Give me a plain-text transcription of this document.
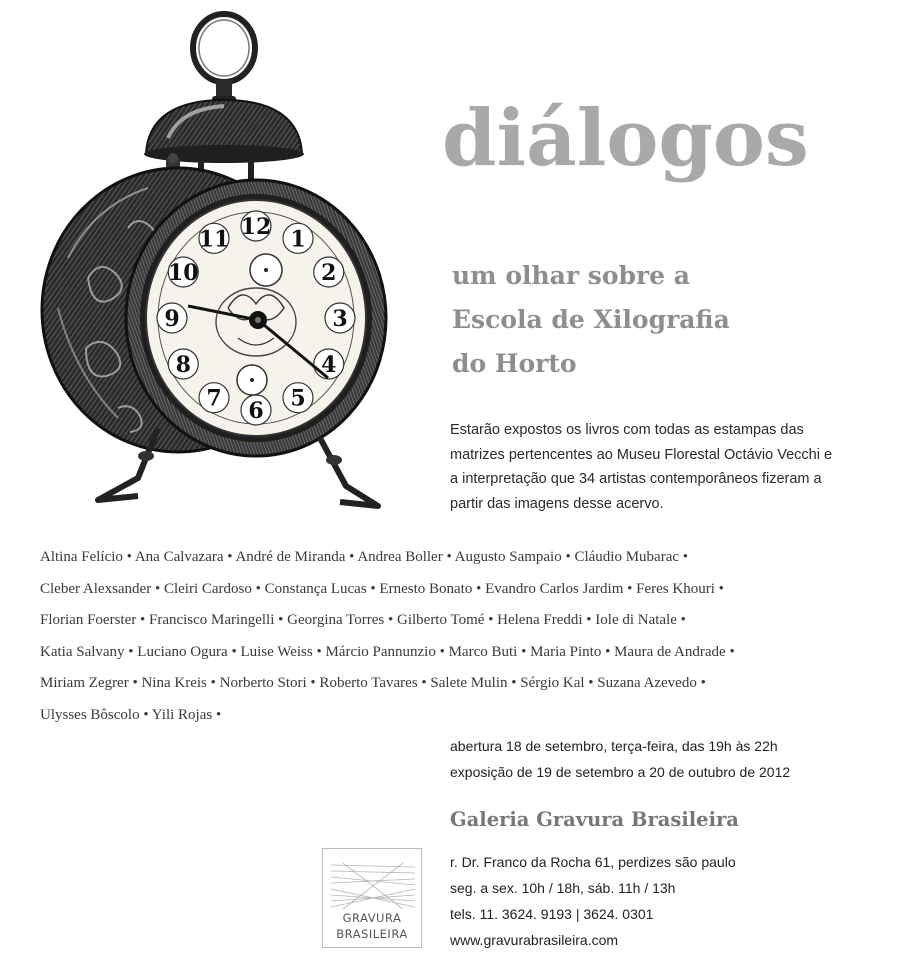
12 1
2
3
4
5
6
7
8
9
10
11
diálogos
um olhar sobre a
Escola de Xilografia
do Horto

Estarão expostos os livros com todas as estampas das
matrizes pertencentes ao Museu Florestal Octávio Vecchi e
a interpretação que 34 artistas contemporâneos fizeram a
partir das imagens desse acervo.

Altina Felício • Ana Calvazara • André de Miranda • Andrea Boller • Augusto Sampaio • Cláudio Mubarac •
Cleber Alexsander • Cleiri Cardoso • Constança Lucas • Ernesto Bonato • Evandro Carlos Jardim • Feres Khouri •
Florian Foerster • Francisco Maringelli • Georgina Torres • Gilberto Tomé • Helena Freddi • Iole di Natale •
Katia Salvany • Luciano Ogura • Luise Weiss • Márcio Pannunzio • Marco Buti • Maria Pinto • Maura de Andrade •
Miriam Zegrer • Nina Kreis • Norberto Stori • Roberto Tavares • Salete Mulin • Sérgio Kal • Suzana Azevedo •
Ulysses Bôscolo • Yili Rojas •

abertura 18 de setembro, terça-feira, das 19h às 22h
exposição de 19 de setembro a 20 de outubro de 2012

GRAVURA
BRASILEIRA
Galeria Gravura Brasileira

r. Dr. Franco da Rocha 61, perdizes são paulo
seg. a sex. 10h / 18h, sáb. 11h / 13h
tels. 11. 3624. 9193 | 3624. 0301
www.gravurabrasileira.com
